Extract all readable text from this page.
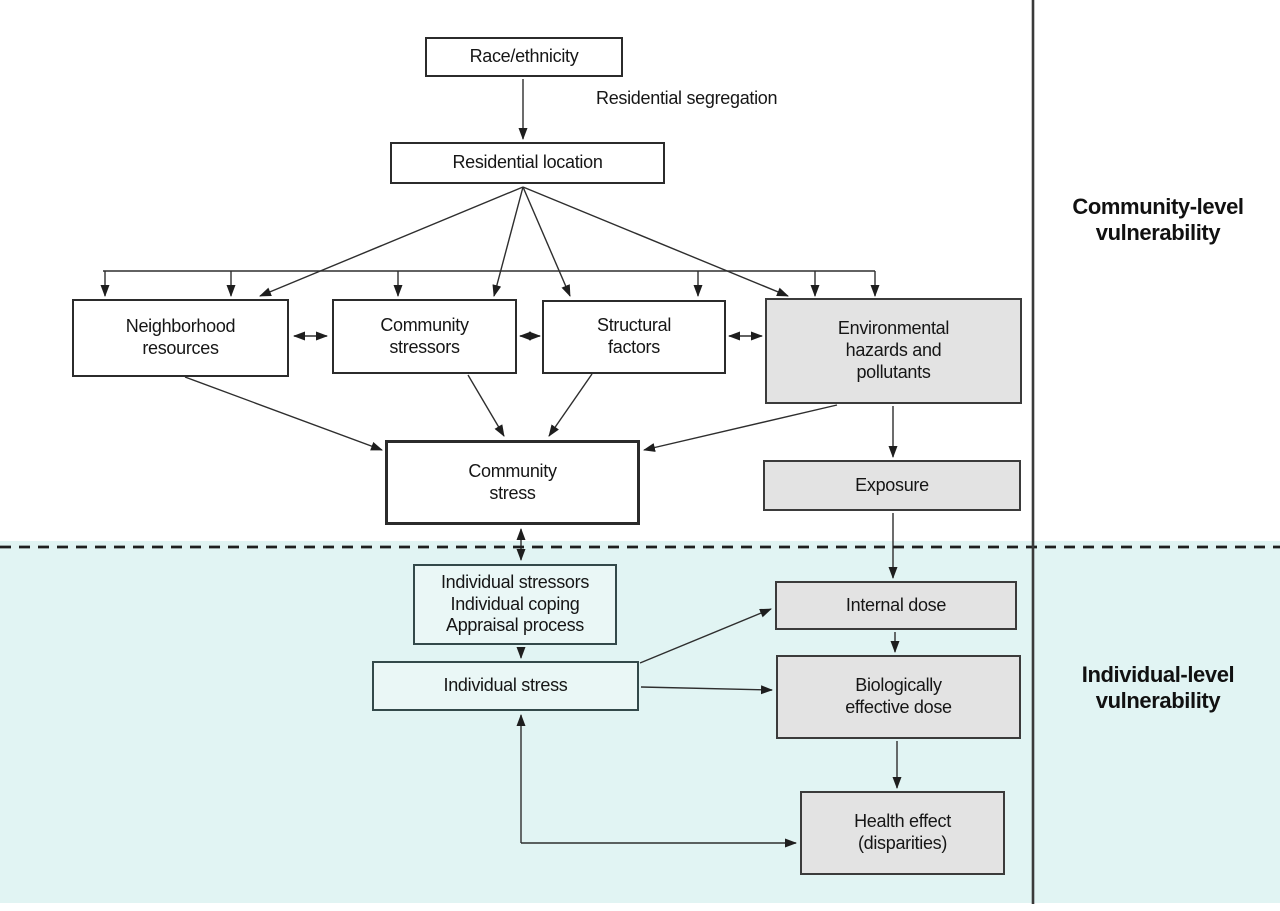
Race/ethnicity
Residential location
Neighborhood
resources
Community
stressors
Structural
factors
Environmental
hazards and
pollutants
Community
stress	Exposure
Individual stressors
Individual coping
Appraisal process
Individual stress
Internal dose
Biologically
effective dose
Health effect
(disparities)
Residential segregation
Community-level vulnerability
Individual-level vulnerability
